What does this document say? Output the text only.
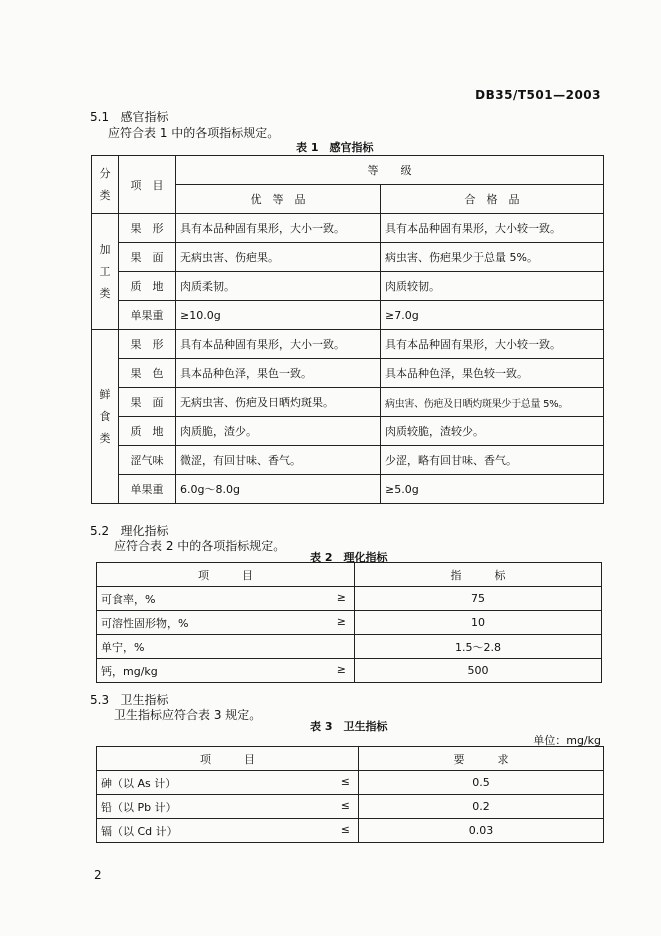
DB35/T501—2003
5.1 感官指标
应符合表 1 中的各项指标规定。
表 1　感官指标
分
类	项　目	等　　级	
		优　等　品	合　格　品
加
工
类	果　形	具有本品种固有果形，大小一致。	具有本品种固有果形，大小较一致。
	果　面	无病虫害、伤疤果。	病虫害、伤疤果少于总量 5%。
	质　地	肉质柔韧。	肉质较韧。
	单果重	≥10.0g	≥7.0g
鲜
食
类	果　形	具有本品种固有果形，大小一致。	具有本品种固有果形，大小较一致。
	果　色	具本品种色泽，果色一致。	具本品种色泽，果色较一致。
	果　面	无病虫害、伤疤及日晒灼斑果。	病虫害、伤疤及日晒灼斑果少于总量 5%。
	质　地	肉质脆，渣少。	肉质较脆，渣较少。
	涩气味	微涩，有回甘味、香气。	少涩，略有回甘味、香气。
	单果重	6.0g～8.0g	≥5.0g
5.2 理化指标
应符合表 2 中的各项指标规定。
表 2　理化指标
项　　　目	指　　　标
可食率，% ≥	75
可溶性固形物，% ≥	10
单宁，%	1.5～2.8
钙，mg/kg ≥	500
5.3 卫生指标
卫生指标应符合表 3 规定。
表 3　卫生指标
单位：mg/kg
项　　　目	要　　　求
砷（以 As 计） ≤	0.5
铅（以 Pb 计） ≤	0.2
镉（以 Cd 计） ≤	0.03
2
